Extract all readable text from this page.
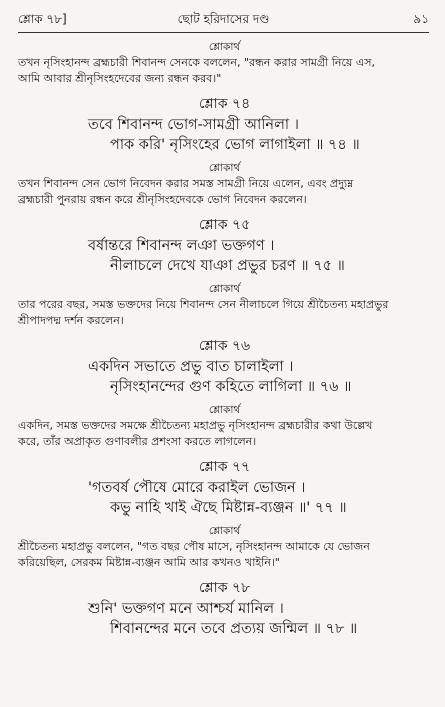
শ্লোক ৭৮]	ছোট হরিদাসের দণ্ড	৯১
শ্লোকার্থ
তখন নৃসিংহানন্দ ব্রহ্মচারী শিবানন্দ সেনকে বললেন, "রন্ধন করার সামগ্রী নিয়ে এস,
আমি আবার শ্রীনৃসিংহদেবের জন্য রন্ধন করব।"
শ্লোক ৭৪
তবে শিবানন্দ ভোগ-সামগ্রী আনিলা ।
পাক করি' নৃসিংহের ভোগ লাগাইলা ॥ ৭৪ ॥
শ্লোকার্থ
তখন শিবানন্দ সেন ভোগ নিবেদন করার সমস্ত সামগ্রী নিয়ে এলেন, এবং প্রদ্যুম্ন
ব্রহ্মচারী পুনরায় রন্ধন করে শ্রীনৃসিংহদেবকে ভোগ নিবেদন করলেন।
শ্লোক ৭৫
বর্ষান্তরে শিবানন্দ লঞা ভক্তগণ ।
নীলাচলে দেখে যাঞা প্রভুর চরণ ॥ ৭৫ ॥
শ্লোকার্থ
তার পরের বছর, সমস্ত ভক্তদের নিয়ে শিবানন্দ সেন নীলাচলে গিয়ে শ্রীচৈতন্য মহাপ্রভুর
শ্রীপাদপদ্ম দর্শন করলেন।
শ্লোক ৭৬
একদিন সভাতে প্রভু বাত চালাইলা ।
নৃসিংহানন্দের গুণ কহিতে লাগিলা ॥ ৭৬ ॥
শ্লোকার্থ
একদিন, সমস্ত ভক্তদের সমক্ষে শ্রীচৈতন্য মহাপ্রভু নৃসিংহানন্দ ব্রহ্মচারীর কথা উল্লেখ
করে, তাঁর অপ্রাকৃত গুণাবলীর প্রশংসা করতে লাগলেন।
শ্লোক ৭৭
'গতবর্ষ পৌষে মোরে করাইল ভোজন ।
কভু নাহি খাই ঐছে মিষ্টান্ন-ব্যঞ্জন ॥' ৭৭ ॥
শ্লোকার্থ
শ্রীচৈতন্য মহাপ্রভু বললেন, "গত বছর পৌষ মাসে, নৃসিংহানন্দ আমাকে যে ভোজন
করিয়েছিল, সেরকম মিষ্টান্ন-ব্যঞ্জন আমি আর কখনও খাইনি।"
শ্লোক ৭৮
শুনি' ভক্তগণ মনে আশ্চর্য মানিল ।
শিবানন্দের মনে তবে প্রত্যয় জন্মিল ॥ ৭৮ ॥
